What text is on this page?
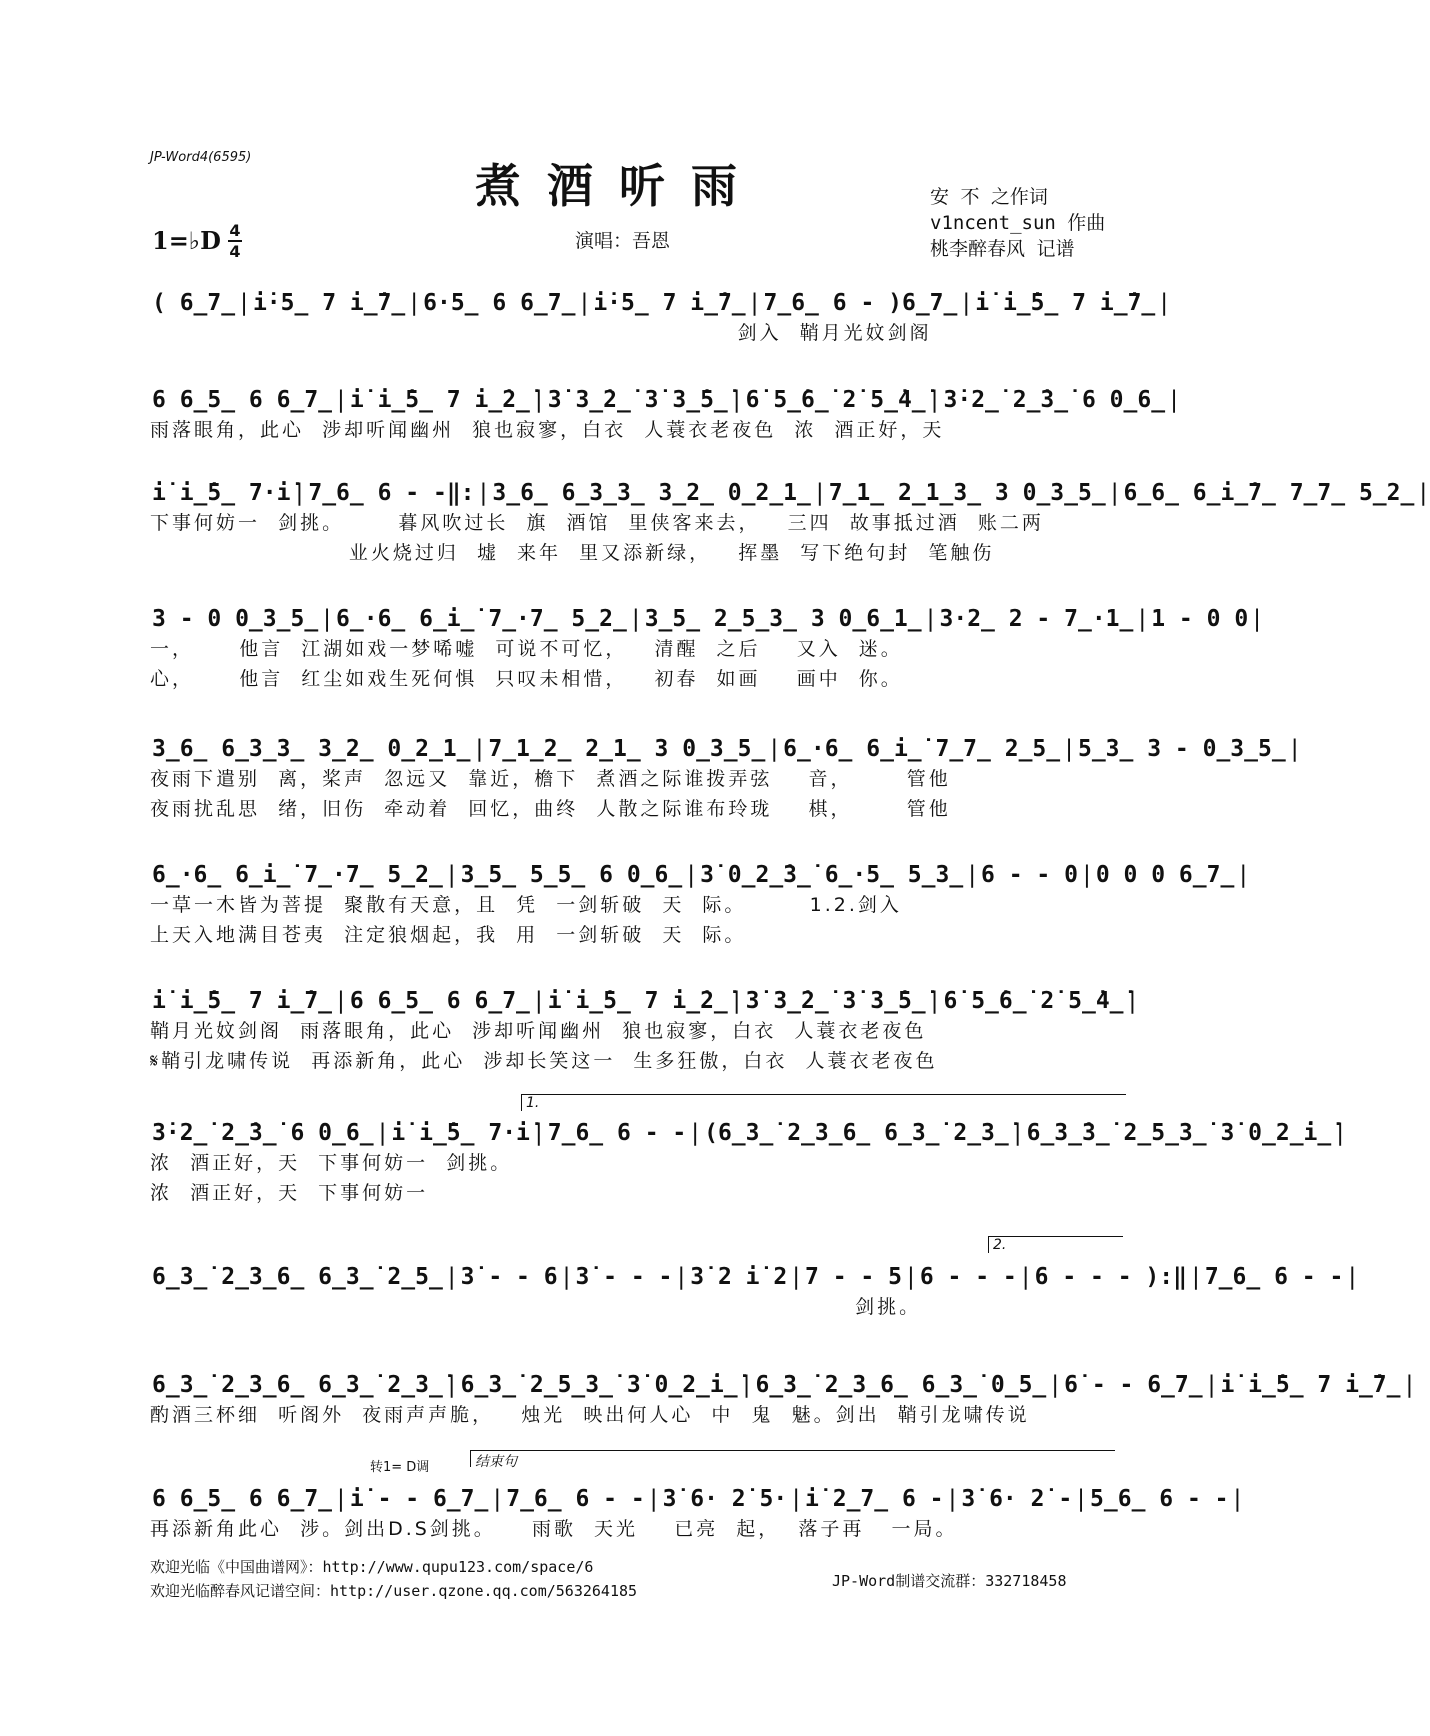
JP-Word4(6595)
煮酒听雨
1=♭D 4
4	演唱：吾恩
安 不 之作词
v1ncent_sun 作曲
桃李醉春风 记谱
( 6̲7̲ | i̇·5̲ 7 i̲̇7̲ | 6·5̲ 6 6̲7̲ | i̇·5̲ 7 i̲̇7̲ | 7̲6̲ 6 - )6̲7̲ | i̇ i̲̇5̲ 7 i̲̇7̲ |
剑入  鞘月光妏剑阁
6 6̲5̲ 6 6̲7̲ | i̇ i̲̇5̲ 7 i̲̇2̲̇ | 3̇ 3̲̇2̲̇ 3̇ 3̲̇5̲̇ | 6̇ 5̲̇6̲̇ 2̇ 5̲̇4̲̇ | 3̇·2̲̇ 2̲̇3̲̇ 6 0̲6̲ |
雨落眼角，此心  涉却听闻幽州  狼也寂寥，白衣  人蓑衣老夜色  浓  酒正好，天
i̇ i̲̇5̲ 7·i̇ | 7̲6̲ 6 - -‖: | 3̲6̲ 6̲3̲3̲ 3̲2̲ 0̲2̲1̲ | 7̲1̲ 2̲1̲3̲ 3 0̲3̲5̲ | 6̲6̲ 6̲i̲̇7̲ 7̲7̲ 5̲2̲ |
下事何妨一  剑挑。      暮风吹过长  旗  酒馆  里侠客来去，   三四  故事抵过酒  账二两
业火烧过归  墟  来年  里又添新绿，   挥墨  写下绝句封  笔触伤
3 - 0 0̲3̲5̲ | 6̲·6̲ 6̲i̲̇ 7̲·7̲ 5̲2̲ | 3̲5̲ 2̲5̲3̲ 3 0̲6̲1̲ | 3·2̲ 2 - 7̲·1̲ | 1 - 0 0 |
一，     他言  江湖如戏一梦唏嘘  可说不可忆，   清醒  之后    又入  迷。
心，     他言  红尘如戏生死何惧  只叹未相惜，   初春  如画    画中  你。
3̲6̲ 6̲3̲3̲ 3̲2̲ 0̲2̲1̲ | 7̲1̲2̲ 2̲1̲ 3 0̲3̲5̲ | 6̲·6̲ 6̲i̲̇ 7̲7̲ 2̲5̲ | 5̲3̲ 3 - 0̲3̲5̲ |
夜雨下遣别  离，桨声  忽远又  靠近，檐下  煮酒之际谁拨弄弦    音，      管他
夜雨扰乱思  绪，旧伤  牵动着  回忆，曲终  人散之际谁布玲珑    棋，      管他
6̲·6̲ 6̲i̲̇ 7̲·7̲ 5̲2̲ | 3̲5̲ 5̲5̲ 6 0̲6̲ | 3̇ 0̲2̲̇3̲̇ 6̲·5̲ 5̲3̲ | 6 - - 0 | 0 0 0 6̲7̲ |
一草一木皆为菩提  聚散有天意，且  凭  一剑斩破  天  际。       1.2.剑入
上天入地满目苍夷  注定狼烟起，我  用  一剑斩破  天  际。
i̇ i̲̇5̲ 7 i̲̇7̲ | 6 6̲5̲ 6 6̲7̲ | i̇ i̲̇5̲ 7 i̲̇2̲̇ | 3̇ 3̲̇2̲̇ 3̇ 3̲̇5̲̇ | 6̇ 5̲̇6̲̇ 2̇ 5̲̇4̲̇ |
鞘月光妏剑阁  雨落眼角，此心  涉却听闻幽州  狼也寂寥，白衣  人蓑衣老夜色
𝄋鞘引龙啸传说  再添新角，此心  涉却长笑这一  生多狂傲，白衣  人蓑衣老夜色
3̇·2̲̇ 2̲̇3̲̇ 6 0̲6̲ | i̇ i̲̇5̲ 7·i̇ | 7̲6̲ 6 - - | (6̲3̲̇ 2̲3̲6̲ 6̲3̲̇ 2̲3̲̇ | 6̲3̲̇3̲̇ 2̲5̲3̲̇ 3̇ 0̲2̲̇i̲̇ |
浓  酒正好，天  下事何妨一  剑挑。
浓  酒正好，天  下事何妨一
6̲3̲̇ 2̲3̲6̲ 6̲3̲̇ 2̲5̲ | 3̇ - - 6 | 3̇ - - - | 3̇ 2 i̇ 2 | 7 - - 5 | 6 - - - | 6 - - - ):‖ | 7̲6̲ 6 - - |
剑挑。
6̲3̲̇ 2̲3̲6̲ 6̲3̲̇ 2̲3̲̇ | 6̲3̲̇ 2̲5̲3̲̇ 3̇ 0̲2̲̇i̲̇ | 6̲3̲̇ 2̲3̲6̲ 6̲3̲̇ 0̲5̲ | 6̇ - - 6̲7̲ | i̇ i̲̇5̲ 7 i̲̇7̲ |
酌酒三杯细  听阁外  夜雨声声脆，   烛光  映出何人心  中  鬼  魅。剑出  鞘引龙啸传说
6 6̲5̲ 6 6̲7̲ | i̇ - - 6̲7̲ | 7̲6̲ 6 - - | 3̇ 6· 2̇ 5· | i̇ 2̲7̲ 6 - | 3̇ 6· 2̇ - | 5̲6̲ 6 - - |
再添新角此心  涉。剑出D.S剑挑。    雨歌  天光    已亮  起，  落子再   一局。
1.
2.
转1= D调	结束句
欢迎光临《中国曲谱网》：http://www.qupu123.com/space/6
欢迎光临醉春风记谱空间：http://user.qzone.qq.com/563264185
JP-Word制谱交流群：332718458
